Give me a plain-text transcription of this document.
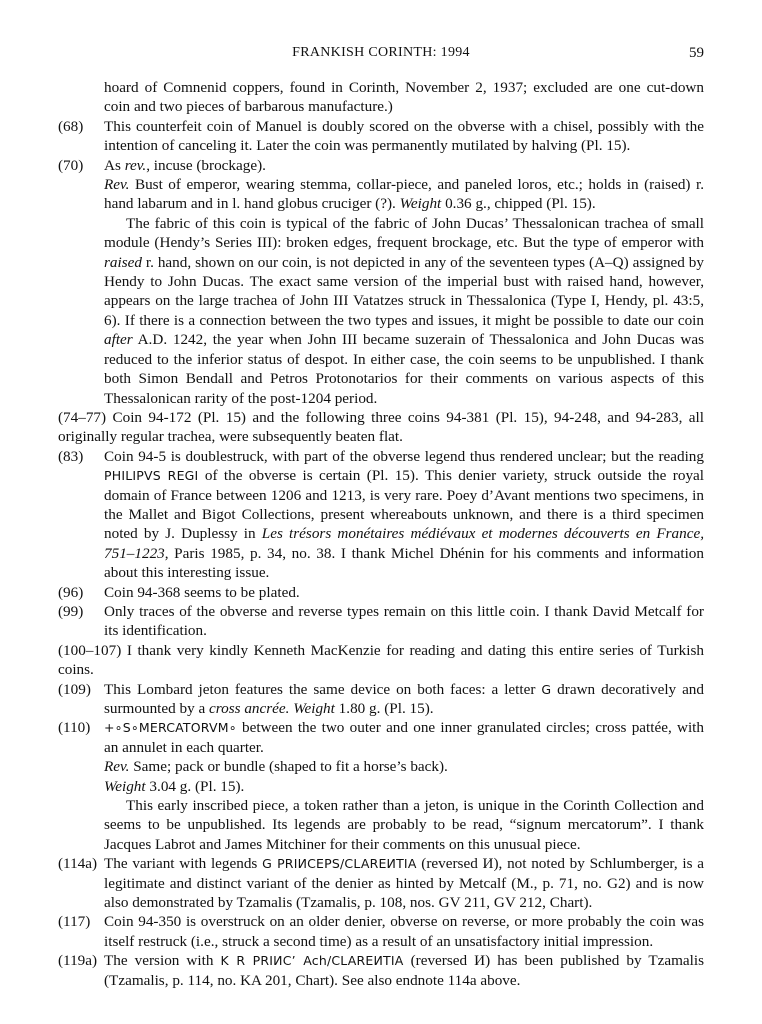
FRANKISH CORINTH: 1994	59

hoard of Comnenid coppers, found in Corinth, November 2, 1937; excluded are one cut-down coin and two pieces of barbarous manufacture.)

(68) This counterfeit coin of Manuel is doubly scored on the obverse with a chisel, possibly with the intention of canceling it. Later the coin was permanently mutilated by halving (Pl. 15).

(70) As rev., incuse (brockage).

Rev. Bust of emperor, wearing stemma, collar-piece, and paneled loros, etc.; holds in (raised) r. hand labarum and in l. hand globus cruciger (?). Weight 0.36 g., chipped (Pl. 15).

The fabric of this coin is typical of the fabric of John Ducas’ Thessalonican trachea of small module (Hendy’s Series III): broken edges, frequent brockage, etc. But the type of emperor with raised r. hand, shown on our coin, is not depicted in any of the seventeen types (A–Q) assigned by Hendy to John Ducas. The exact same version of the imperial bust with raised hand, however, appears on the large trachea of John III Vatatzes struck in Thessalonica (Type I, Hendy, pl. 43:5, 6). If there is a connection between the two types and issues, it might be possible to date our coin after A.D. 1242, the year when John III became suzerain of Thessalonica and John Ducas was reduced to the inferior status of despot. In either case, the coin seems to be unpublished. I thank both Simon Bendall and Petros Protonotarios for their comments on various aspects of this Thessalonican rarity of the post-1204 period.

(74–77) Coin 94-172 (Pl. 15) and the following three coins 94-381 (Pl. 15), 94-248, and 94-283, all originally regular trachea, were subsequently beaten flat.

(83) Coin 94-5 is doublestruck, with part of the obverse legend thus rendered unclear; but the reading PHILIPVS REGI of the obverse is certain (Pl. 15). This denier variety, struck outside the royal domain of France between 1206 and 1213, is very rare. Poey d’Avant mentions two specimens, in the Mallet and Bigot Collections, present whereabouts unknown, and there is a third specimen noted by J. Duplessy in Les trésors monétaires médiévaux et modernes découverts en France, 751–1223, Paris 1985, p. 34, no. 38. I thank Michel Dhénin for his comments and information about this interesting issue.

(96) Coin 94-368 seems to be plated.

(99) Only traces of the obverse and reverse types remain on this little coin. I thank David Metcalf for its identification.

(100–107) I thank very kindly Kenneth MacKenzie for reading and dating this entire series of Turkish coins.

(109) This Lombard jeton features the same device on both faces: a letter G drawn decoratively and surmounted by a cross ancrée. Weight 1.80 g. (Pl. 15).

(110) +∘S∘MERCATORVM∘ between the two outer and one inner granulated circles; cross pattée, with an annulet in each quarter.

Rev. Same; pack or bundle (shaped to fit a horse’s back).

Weight 3.04 g. (Pl. 15).

This early inscribed piece, a token rather than a jeton, is unique in the Corinth Collection and seems to be unpublished. Its legends are probably to be read, “signum mercatorum”. I thank Jacques Labrot and James Mitchiner for their comments on this unusual piece.

(114a) The variant with legends G PRIИCEPS/CLAREИTIA (reversed И), not noted by Schlumberger, is a legitimate and distinct variant of the denier as hinted by Metcalf (M., p. 71, no. G2) and is now also demonstrated by Tzamalis (Tzamalis, p. 108, nos. GV 211, GV 212, Chart).

(117) Coin 94-350 is overstruck on an older denier, obverse on reverse, or more probably the coin was itself restruck (i.e., struck a second time) as a result of an unsatisfactory initial impression.

(119a) The version with K R PRIИC’ Ach/CLAREИTIA (reversed И) has been published by Tzamalis (Tzamalis, p. 114, no. KA 201, Chart). See also endnote 114a above.
